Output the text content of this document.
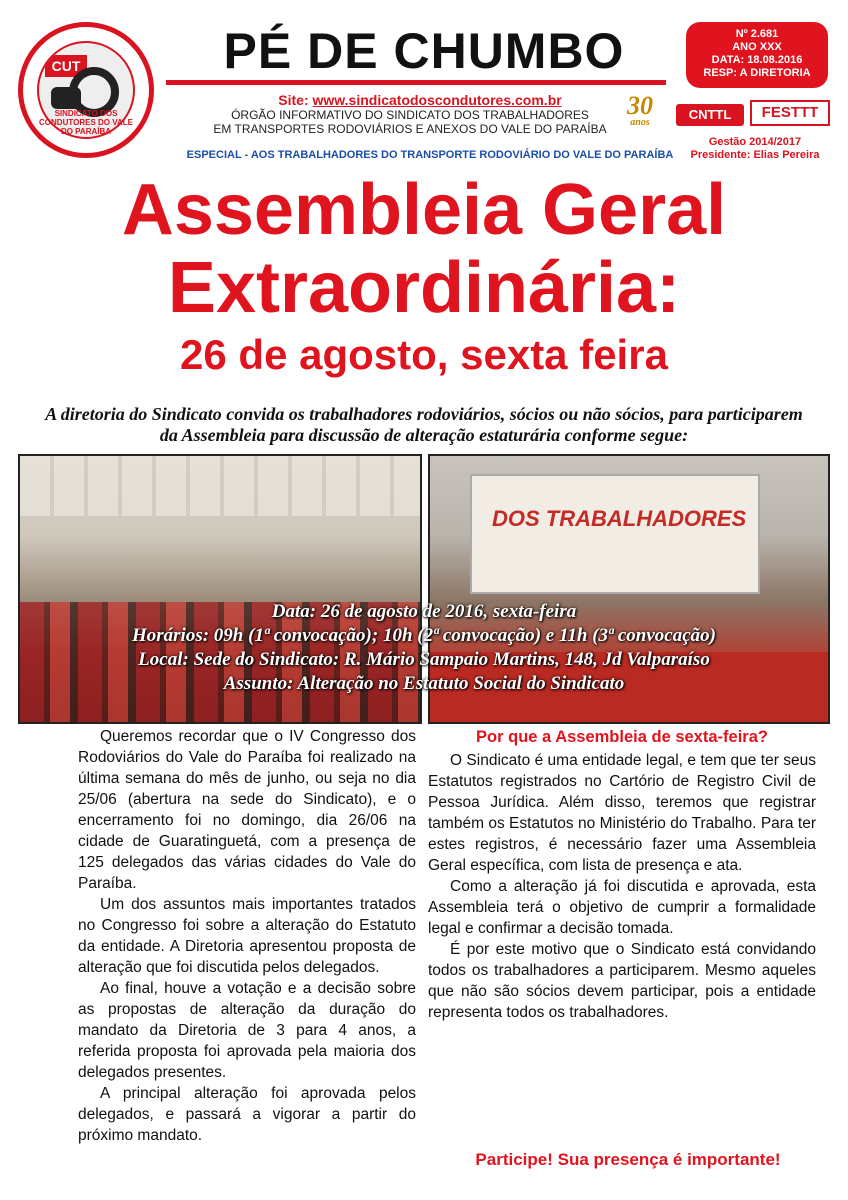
CUT
SINDICATO DOS CONDUTORES DO VALE DO PARAÍBA
PÉ DE CHUMBO
Site: www.sindicatodoscondutores.com.br
ÓRGÃO INFORMATIVO DO SINDICATO DOS TRABALHADORES
EM TRANSPORTES RODOVIÁRIOS E ANEXOS DO VALE DO PARAÍBA
30
anos
ESPECIAL - AOS TRABALHADORES DO TRANSPORTE RODOVIÁRIO DO VALE DO PARAÍBA
Nº 2.681
ANO XXX
DATA: 18.08.2016
RESP: A DIRETORIA
CNTTL	FESTTT
Gestão 2014/2017
Presidente: Elias Pereira
Assembleia Geral
Extraordinária:
26 de agosto, sexta feira
A diretoria do Sindicato convida os trabalhadores rodoviários, sócios ou não sócios, para participarem da Assembleia para discussão de alteração estaturária conforme segue:
DOS TRABALHADORES
Data: 26 de agosto de 2016, sexta-feira
Horários: 09h (1ª convocação); 10h (2ª convocação) e 11h (3ª convocação)
Local: Sede do Sindicato: R. Mário Sampaio Martins, 148, Jd Valparaíso
Assunto: Alteração no Estatuto Social do Sindicato

Queremos recordar que o IV Congresso dos Rodoviários do Vale do Paraíba foi realizado na última semana do mês de junho, ou seja no dia 25/06 (abertura na sede do Sindicato), e o encerramento foi no domingo, dia 26/06 na cidade de Guaratinguetá, com a presença de 125 delegados das várias cidades do Vale do Paraíba.

Um dos assuntos mais importantes tratados no Congresso foi sobre a alteração do Estatuto da entidade. A Diretoria apresentou proposta de alteração que foi discutida pelos delegados.

Ao final, houve a votação e a decisão sobre as propostas de alteração da duração do mandato da Diretoria de 3 para 4 anos, a referida proposta foi aprovada pela maioria dos delegados presentes.

A principal alteração foi aprovada pelos delegados, e passará a vigorar a partir do próximo mandato.

Por que a Assembleia de sexta-feira?

O Sindicato é uma entidade legal, e tem que ter seus Estatutos registrados no Cartório de Registro Civil de Pessoa Jurídica. Além disso, teremos que registrar também os Estatutos no Ministério do Trabalho. Para ter estes registros, é necessário fazer uma Assembleia Geral específica, com lista de presença e ata.

Como a alteração já foi discutida e aprovada, esta Assembleia terá o objetivo de cumprir a formalidade legal e confirmar a decisão tomada.

É por este motivo que o Sindicato está convidando todos os trabalhadores a participarem. Mesmo aqueles que não são sócios devem participar, pois a entidade representa todos os trabalhadores.

Participe! Sua presença é importante!
